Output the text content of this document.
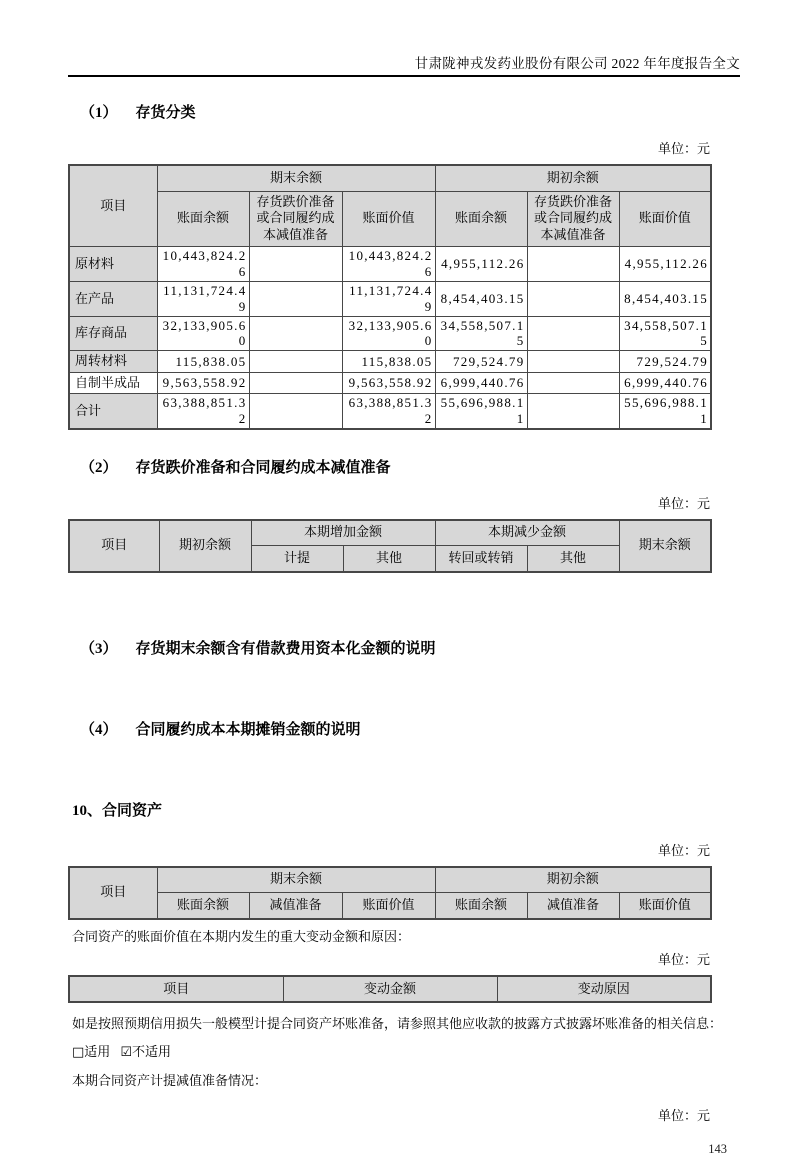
甘肃陇神戎发药业股份有限公司 2022 年年度报告全文
（1） 存货分类
单位：元
项目	期末余额			期初余额		
	账面余额	存货跌价准备或合同履约成本减值准备	账面价值	账面余额	存货跌价准备或合同履约成本减值准备	账面价值
原材料	10,443,824.26		10,443,824.26	4,955,112.26		4,955,112.26
在产品	11,131,724.49		11,131,724.49	8,454,403.15		8,454,403.15
库存商品	32,133,905.60		32,133,905.60	34,558,507.15		34,558,507.15
周转材料	115,838.05		115,838.05	729,524.79		729,524.79
自制半成品	9,563,558.92		9,563,558.92	6,999,440.76		6,999,440.76
合计	63,388,851.32		63,388,851.32	55,696,988.11		55,696,988.11
（2） 存货跌价准备和合同履约成本减值准备
单位：元
项目	期初余额	本期增加金额		本期减少金额		期末余额
		计提	其他	转回或转销	其他	
（3） 存货期末余额含有借款费用资本化金额的说明
（4） 合同履约成本本期摊销金额的说明
10、合同资产
单位：元
项目	期末余额			期初余额		
	账面余额	减值准备	账面价值	账面余额	减值准备	账面价值
合同资产的账面价值在本期内发生的重大变动金额和原因：
单位：元
项目	变动金额	变动原因
如是按照预期信用损失一般模型计提合同资产坏账准备，请参照其他应收款的披露方式披露坏账准备的相关信息：
□适用 ☑不适用
本期合同资产计提减值准备情况：
单位：元
143
